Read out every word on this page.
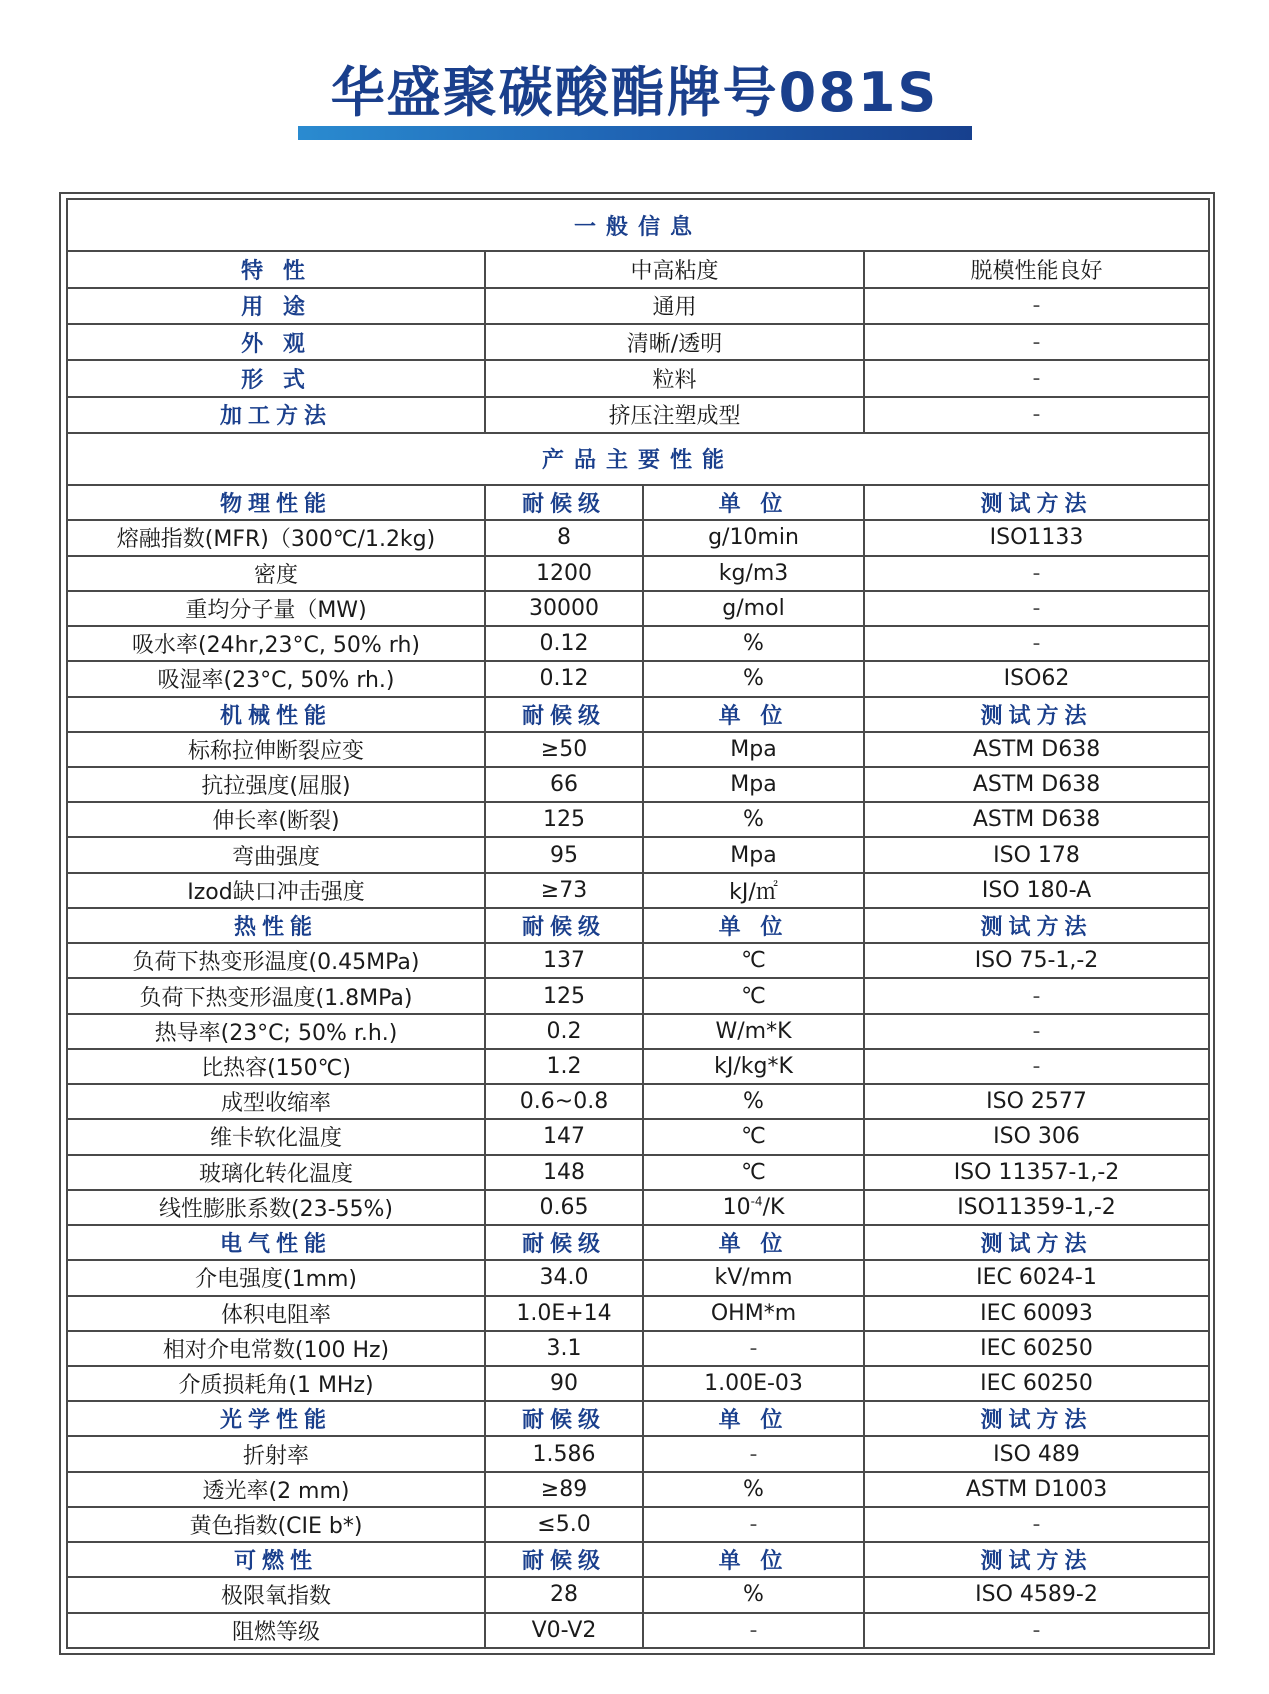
华盛聚碳酸酯牌号081S
一般信息			
特 性	中高粘度		脱模性能良好
用 途	通用		-
外 观	清晰/透明		-
形 式	粒料		-
加工方法	挤压注塑成型		-
产品主要性能			
物理性能	耐候级	单 位	测试方法
熔融指数(MFR)（300℃/1.2kg)	8	g/10min	ISO1133
密度	1200	kg/m3	-
重均分子量（MW)	30000	g/mol	-
吸水率(24hr,23°C, 50% rh)	0.12	%	-
吸湿率(23°C, 50% rh.)	0.12	%	ISO62
机械性能	耐候级	单 位	测试方法
标称拉伸断裂应变	≥50	Mpa	ASTM D638
抗拉强度(屈服)	66	Mpa	ASTM D638
伸长率(断裂)	125	%	ASTM D638
弯曲强度	95	Mpa	ISO 178
Izod缺口冲击强度	≥73	kJ/㎡	ISO 180-A
热性能	耐候级	单 位	测试方法
负荷下热变形温度(0.45MPa)	137	℃	ISO 75-1,-2
负荷下热变形温度(1.8MPa)	125	℃	-
热导率(23°C; 50% r.h.)	0.2	W/m*K	-
比热容(150℃)	1.2	kJ/kg*K	-
成型收缩率	0.6~0.8	%	ISO 2577
维卡软化温度	147	℃	ISO 306
玻璃化转化温度	148	℃	ISO 11357-1,-2
线性膨胀系数(23-55%)	0.65	$10^{-4}/K$	ISO11359-1,-2
电气性能	耐候级	单 位	测试方法
介电强度(1mm)	34.0	kV/mm	IEC 6024-1
体积电阻率	1.0E+14	OHM*m	IEC 60093
相对介电常数(100 Hz)	3.1	-	IEC 60250
介质损耗角(1 MHz)	90	1.00E-03	IEC 60250
光学性能	耐候级	单 位	测试方法
折射率	1.586	-	ISO 489
透光率(2 mm)	≥89	%	ASTM D1003
黄色指数(CIE b*)	≤5.0	-	-
可燃性	耐候级	单 位	测试方法
极限氧指数	28	%	ISO 4589-2
阻燃等级	V0-V2	-	-
